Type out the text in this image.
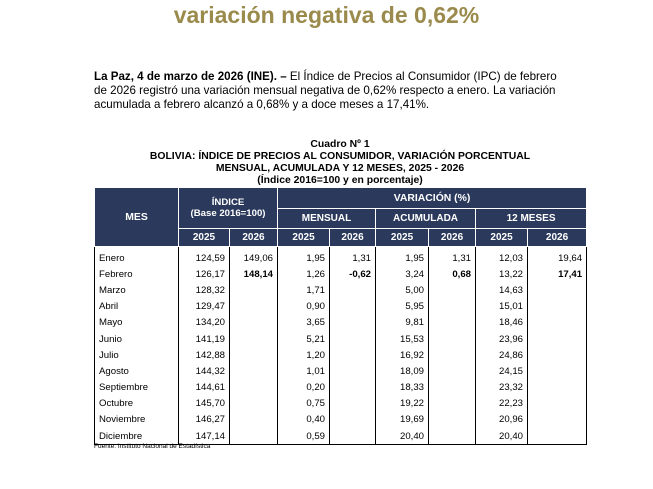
variación negativa de 0,62%

La Paz, 4 de marzo de 2026 (INE). – El Índice de Precios al Consumidor (IPC) de febrero de 2026 registró una variación mensual negativa de 0,62% respecto a enero. La variación acumulada a febrero alcanzó a 0,68% y a doce meses a 17,41%.

Cuadro Nº 1
BOLIVIA: ÍNDICE DE PRECIOS AL CONSUMIDOR, VARIACIÓN PORCENTUAL
MENSUAL, ACUMULADA Y 12 MESES, 2025 - 2026
(Índice 2016=100 y en porcentaje)
MES	ÍNDICE
(Base 2016=100)		VARIACIÓN (%)					
			MENSUAL		ACUMULADA		12 MESES	
	2025	2026	2025	2026	2025	2026	2025	2026
Enero	124,59	149,06	1,95	1,31	1,95	1,31	12,03	19,64
Febrero	126,17	148,14	1,26	-0,62	3,24	0,68	13,22	17,41
Marzo	128,32		1,71		5,00		14,63	
Abril	129,47		0,90		5,95		15,01	
Mayo	134,20		3,65		9,81		18,46	
Junio	141,19		5,21		15,53		23,96	
Julio	142,88		1,20		16,92		24,86	
Agosto	144,32		1,01		18,09		24,15	
Septiembre	144,61		0,20		18,33		23,32	
Octubre	145,70		0,75		19,22		22,23	
Noviembre	146,27		0,40		19,69		20,96	
Diciembre	147,14		0,59		20,40		20,40	
Fuente: Instituto Nacional de Estadística
